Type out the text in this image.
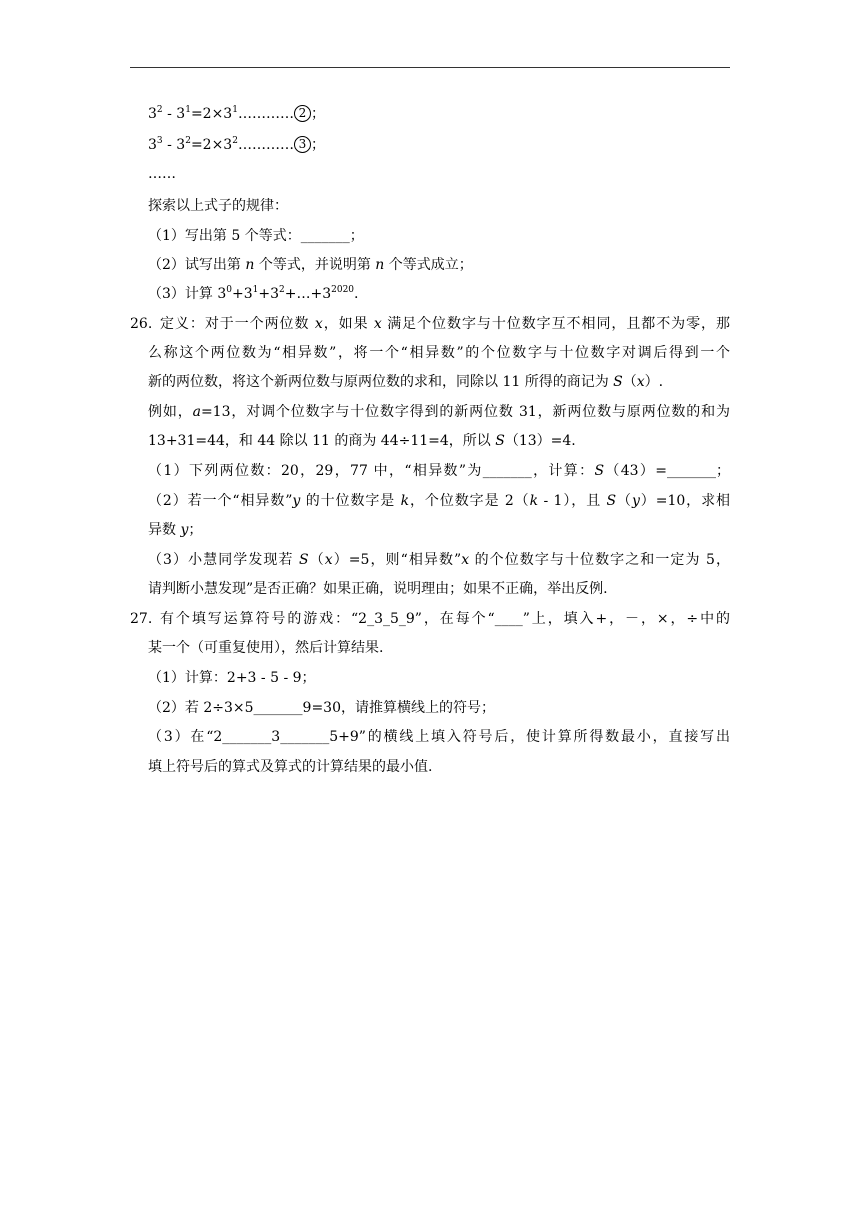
$3^2$ - $3^1=2\times 3^1\dots\dots\dots\dots$ 2 ；
$3^3$ - $3^2=2\times 3^2\dots\dots\dots\dots$ 3 ；
……
探索以上式子的规律：
（1）写出第 5 个等式：_______；
（2）试写出第 n 个等式，并说明第 n 个等式成立；
（3）计算 $3^0+3^1+3^2+\dots+3^{2020}$.
26. 定义：对于一个两位数 x，如果 x 满足个位数字与十位数字互不相同，且都不为零，那
么称这个两位数为“相异数”，将一个“相异数”的个位数字与十位数字对调后得到一个
新的两位数，将这个新两位数与原两位数的求和，同除以 11 所得的商记为 S（x）.
例如，a=13，对调个位数字与十位数字得到的新两位数 31，新两位数与原两位数的和为
13+31=44，和 44 除以 11 的商为 44÷11=4，所以 S（13）=4.
（1）下列两位数：20，29，77 中，“相异数”为_______，计算：S（43）=_______；
（2）若一个“相异数”y 的十位数字是 k，个位数字是 2（k - 1），且 S（y）=10，求相
异数 y；
（3）小慧同学发现若 S（x）=5，则“相异数”x 的个位数字与十位数字之和一定为 5，
请判断小慧发现”是否正确？如果正确，说明理由；如果不正确，举出反例.
27. 有个填写运算符号的游戏：“2_3_5_9”，在每个“____”上，填入+，－，×，÷中的
某一个（可重复使用），然后计算结果.
（1）计算：2+3 - 5 - 9；
（2）若 2÷3×5_______9=30，请推算横线上的符号；
（3）在“2_______3_______5+9”的横线上填入符号后，使计算所得数最小，直接写出
填上符号后的算式及算式的计算结果的最小值.
